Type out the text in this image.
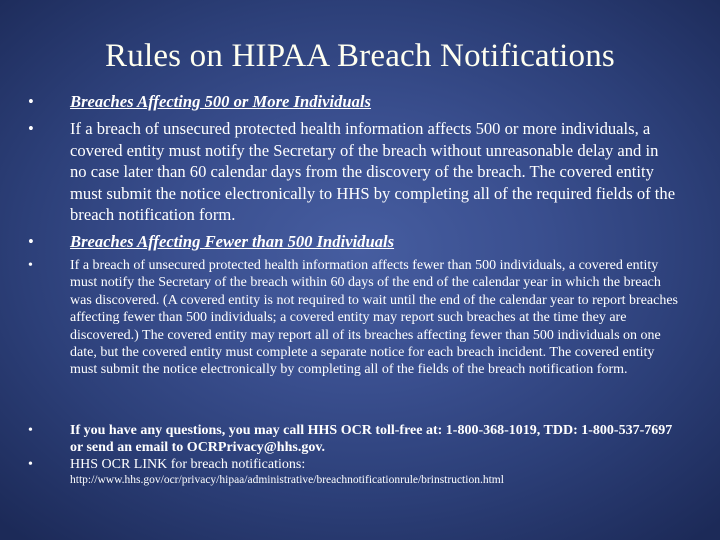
Rules on HIPAA Breach Notifications
•	Breaches Affecting 500 or More Individuals
•	If a breach of unsecured protected health information affects 500 or more individuals, a covered entity must notify the Secretary of the breach without unreasonable delay and in no case later than 60 calendar days from the discovery of the breach. The covered entity must submit the notice electronically to HHS by completing all of the required fields of the breach notification form.
•	Breaches Affecting Fewer than 500 Individuals
•	If a breach of unsecured protected health information affects fewer than 500 individuals, a covered entity must notify the Secretary of the breach within 60 days of the end of the calendar year in which the breach was discovered. (A covered entity is not required to wait until the end of the calendar year to report breaches affecting fewer than 500 individuals; a covered entity may report such breaches at the time they are discovered.) The covered entity may report all of its breaches affecting fewer than 500 individuals on one date, but the covered entity must complete a separate notice for each breach incident. The covered entity must submit the notice electronically by completing all of the fields of the breach notification form.
•	If you have any questions, you may call HHS OCR toll-free at: 1-800-368-1019, TDD: 1-800-537-7697 or send an email to OCRPrivacy@hhs.gov.
•	HHS OCR LINK for breach notifications:
http://www.hhs.gov/ocr/privacy/hipaa/administrative/breachnotificationrule/brinstruction.html
